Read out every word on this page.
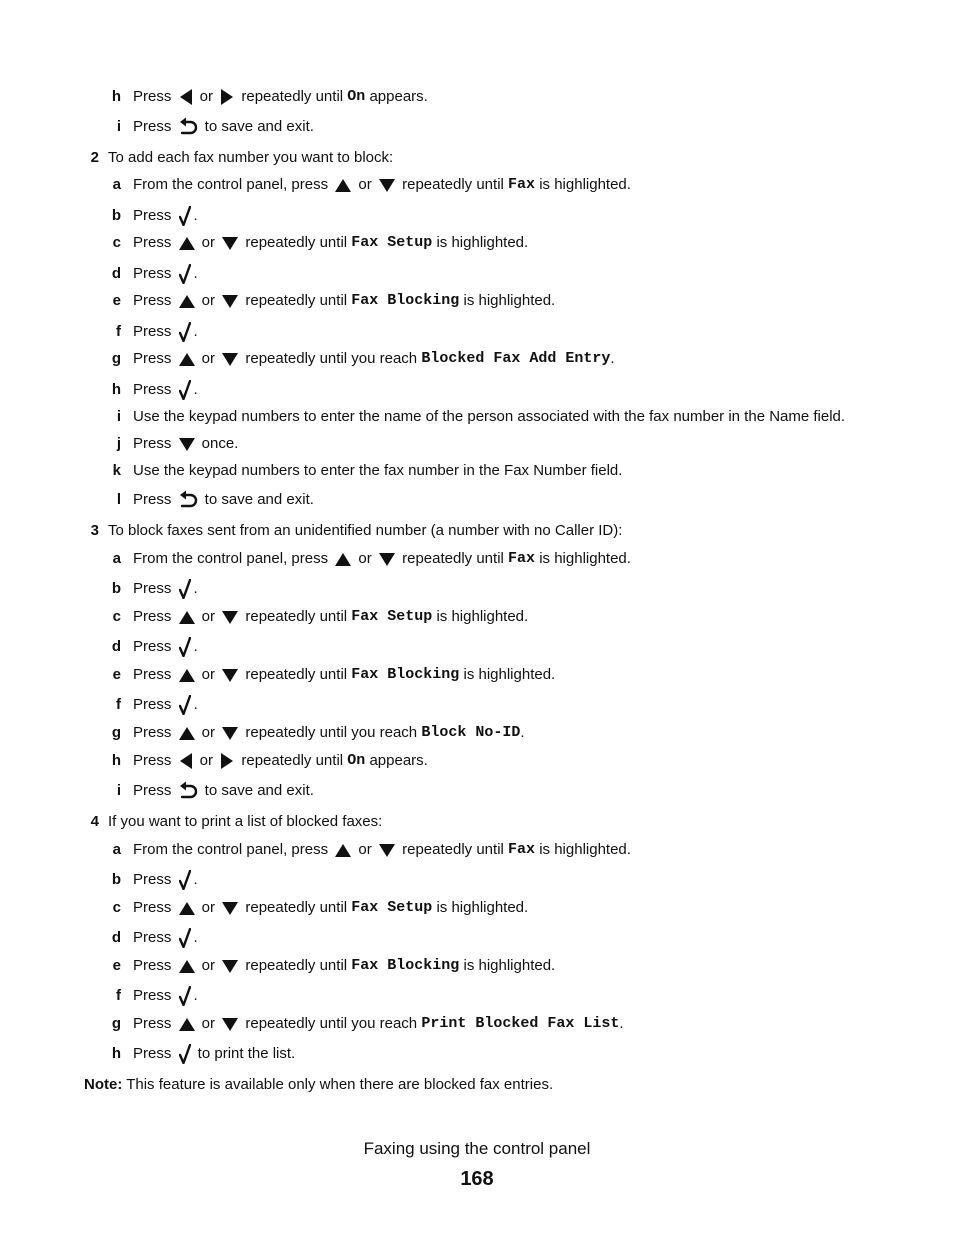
h Press or repeatedly until On appears.
i Press to save and exit.
2 To add each fax number you want to block:
a From the control panel, press or repeatedly until Fax is highlighted.
b Press .
c Press or repeatedly until Fax Setup is highlighted.
d Press .
e Press or repeatedly until Fax Blocking is highlighted.
f Press .
g Press or repeatedly until you reach Blocked Fax Add Entry .
h Press .
i Use the keypad numbers to enter the name of the person associated with the fax number in the Name field.
j Press once.
k Use the keypad numbers to enter the fax number in the Fax Number field.
l Press to save and exit.
3 To block faxes sent from an unidentified number (a number with no Caller ID):
a From the control panel, press or repeatedly until Fax is highlighted.
b Press .
c Press or repeatedly until Fax Setup is highlighted.
d Press .
e Press or repeatedly until Fax Blocking is highlighted.
f Press .
g Press or repeatedly until you reach Block No-ID .
h Press or repeatedly until On appears.
i Press to save and exit.
4 If you want to print a list of blocked faxes:
a From the control panel, press or repeatedly until Fax is highlighted.
b Press .
c Press or repeatedly until Fax Setup is highlighted.
d Press .
e Press or repeatedly until Fax Blocking is highlighted.
f Press .
g Press or repeatedly until you reach Print Blocked Fax List .
h Press to print the list.
Note: This feature is available only when there are blocked fax entries.
Faxing using the control panel
168
